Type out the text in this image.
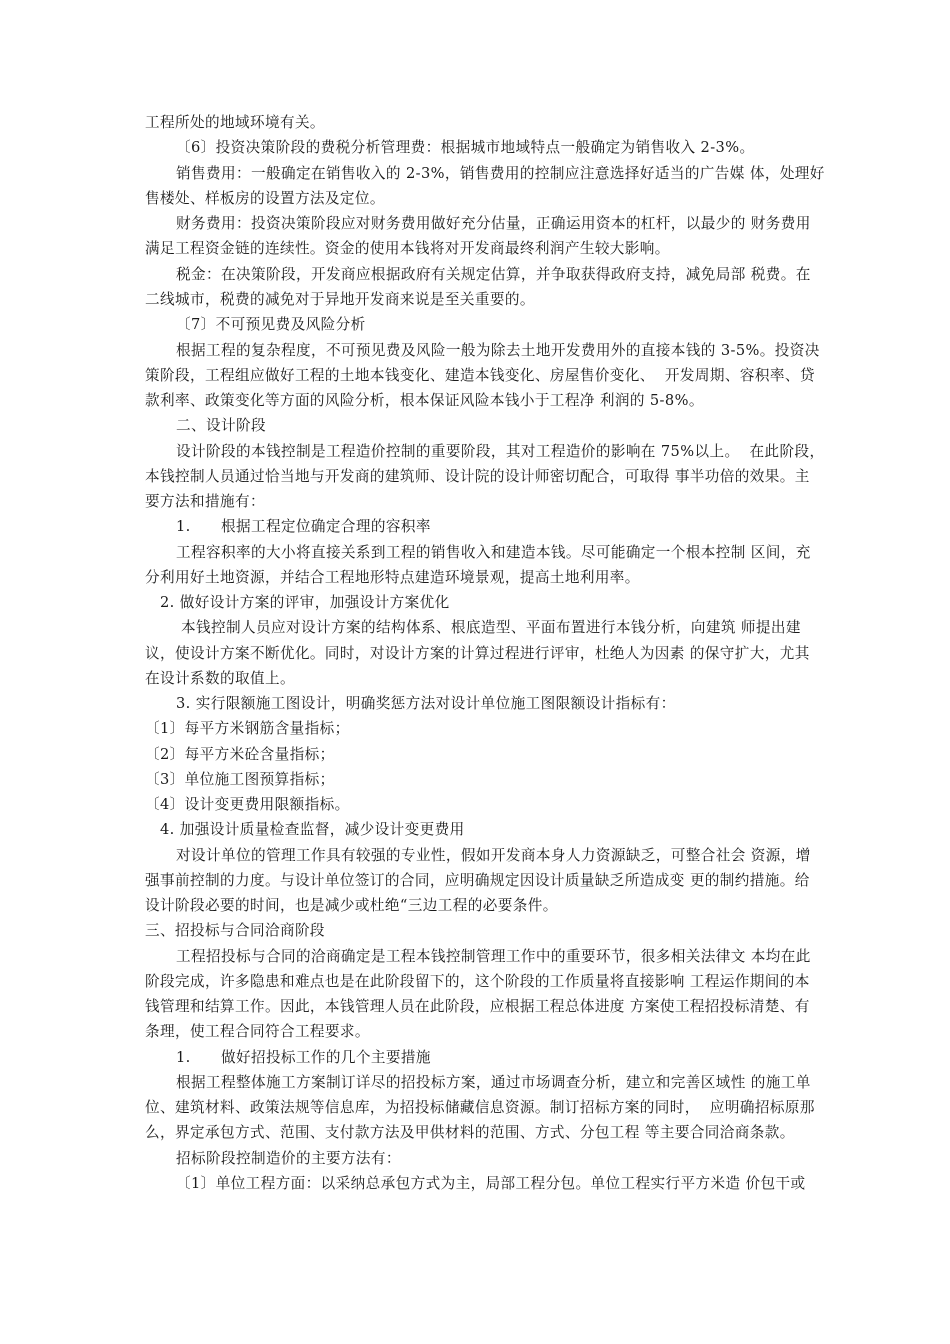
工程所处的地域环境有关。
〔6〕投资决策阶段的费税分析管理费：根据城市地域特点一般确定为销售收入 2-3%。
销售费用：一般确定在销售收入的 2-3%，销售费用的控制应注意选择好适当的广告媒 体，处理好
售楼处、样板房的设置方法及定位。
财务费用：投资决策阶段应对财务费用做好充分估量，正确运用资本的杠杆，以最少的 财务费用
满足工程资金链的连续性。资金的使用本钱将对开发商最终利润产生较大影响。
税金：在决策阶段，开发商应根据政府有关规定估算，并争取获得政府支持，减免局部 税费。在
二线城市，税费的减免对于异地开发商来说是至关重要的。
〔7〕不可预见费及风险分析
根据工程的复杂程度，不可预见费及风险一般为除去土地开发费用外的直接本钱的 3-5%。投资决
策阶段，工程组应做好工程的土地本钱变化、建造本钱变化、房屋售价变化、  开发周期、容积率、贷
款利率、政策变化等方面的风险分析，根本保证风险本钱小于工程净 利润的 5-8%。
二、设计阶段
设计阶段的本钱控制是工程造价控制的重要阶段，其对工程造价的影响在 75%以上。  在此阶段，
本钱控制人员通过恰当地与开发商的建筑师、设计院的设计师密切配合，可取得 事半功倍的效果。主
要方法和措施有：
1.      根据工程定位确定合理的容积率
工程容积率的大小将直接关系到工程的销售收入和建造本钱。尽可能确定一个根本控制 区间，充
分利用好土地资源，并结合工程地形特点建造环境景观，提高土地利用率。
2. 做好设计方案的评审，加强设计方案优化
本钱控制人员应对设计方案的结构体系、根底造型、平面布置进行本钱分析，向建筑 师提出建
议，使设计方案不断优化。同时，对设计方案的计算过程进行评审，杜绝人为因素 的保守扩大，尤其
在设计系数的取值上。
3. 实行限额施工图设计，明确奖惩方法对设计单位施工图限额设计指标有：
〔1〕每平方米钢筋含量指标；
〔2〕每平方米砼含量指标；
〔3〕单位施工图预算指标；
〔4〕设计变更费用限额指标。
4. 加强设计质量检查监督，减少设计变更费用
对设计单位的管理工作具有较强的专业性，假如开发商本身人力资源缺乏，可整合社会 资源，增
强事前控制的力度。与设计单位签订的合同，应明确规定因设计质量缺乏所造成变 更的制约措施。给
设计阶段必要的时间，也是减少或杜绝“三边工程的必要条件。
三、招投标与合同洽商阶段
工程招投标与合同的洽商确定是工程本钱控制管理工作中的重要环节，很多相关法律文 本均在此
阶段完成，许多隐患和难点也是在此阶段留下的，这个阶段的工作质量将直接影响 工程运作期间的本
钱管理和结算工作。因此，本钱管理人员在此阶段，应根据工程总体进度 方案使工程招投标清楚、有
条理，使工程合同符合工程要求。
1.      做好招投标工作的几个主要措施
根据工程整体施工方案制订详尽的招投标方案，通过市场调查分析，建立和完善区域性 的施工单
位、建筑材料、政策法规等信息库，为招投标储藏信息资源。制订招标方案的同时，  应明确招标原那
么，界定承包方式、范围、支付款方法及甲供材料的范围、方式、分包工程 等主要合同洽商条款。
招标阶段控制造价的主要方法有：
〔1〕单位工程方面：以采纳总承包方式为主，局部工程分包。单位工程实行平方米造 价包干或
